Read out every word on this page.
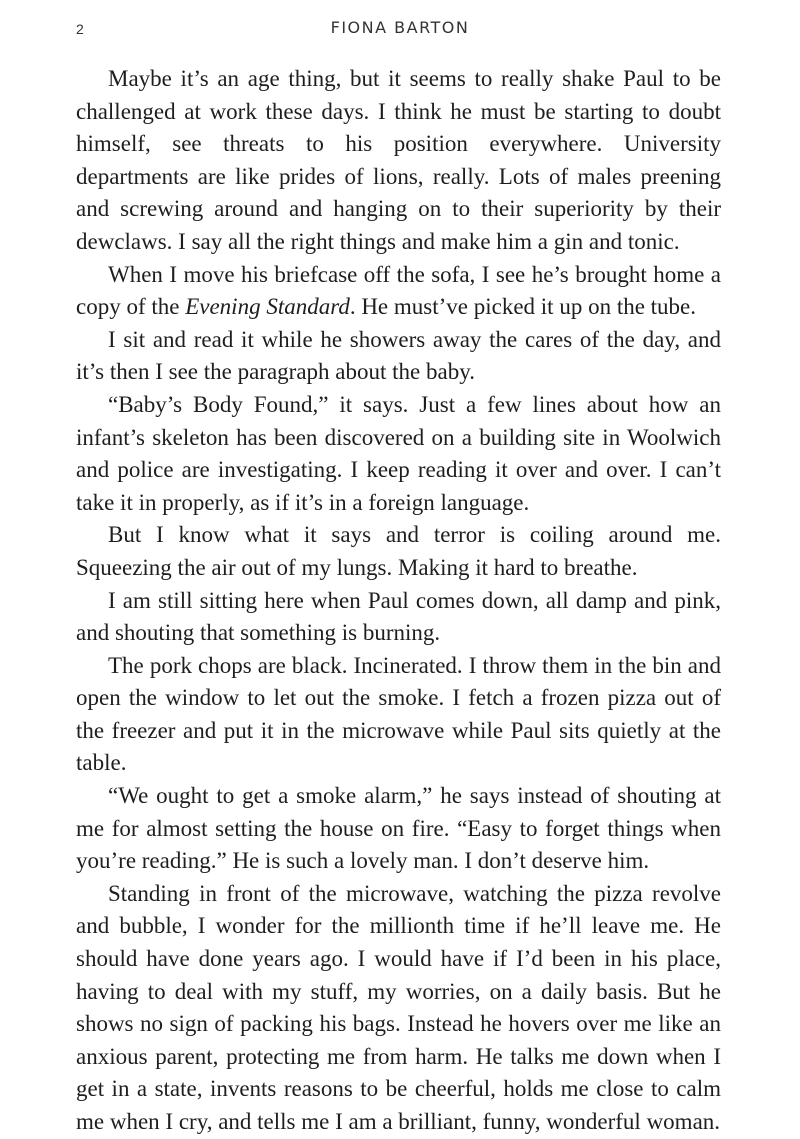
2	FIONA BARTON

Maybe it’s an age thing, but it seems to really shake Paul to be challenged at work these days. I think he must be starting to doubt himself, see threats to his position everywhere. University departments are like prides of lions, really. Lots of males preening and screwing around and hanging on to their superiority by their dewclaws. I say all the right things and make him a gin and tonic.

When I move his briefcase off the sofa, I see he’s brought home a copy of the Evening Standard. He must’ve picked it up on the tube.

I sit and read it while he showers away the cares of the day, and it’s then I see the paragraph about the baby.

“Baby’s Body Found,” it says. Just a few lines about how an infant’s skeleton has been discovered on a building site in Woolwich and police are investigating. I keep reading it over and over. I can’t take it in properly, as if it’s in a foreign language.

But I know what it says and terror is coiling around me. Squeezing the air out of my lungs. Making it hard to breathe.

I am still sitting here when Paul comes down, all damp and pink, and shouting that something is burning.

The pork chops are black. Incinerated. I throw them in the bin and open the window to let out the smoke. I fetch a frozen pizza out of the freezer and put it in the microwave while Paul sits quietly at the table.

“We ought to get a smoke alarm,” he says instead of shouting at me for almost setting the house on fire. “Easy to forget things when you’re reading.” He is such a lovely man. I don’t deserve him.

Standing in front of the microwave, watching the pizza revolve and bubble, I wonder for the millionth time if he’ll leave me. He should have done years ago. I would have if I’d been in his place, having to deal with my stuff, my worries, on a daily basis. But he shows no sign of packing his bags. Instead he hovers over me like an anxious parent, protecting me from harm. He talks me down when I get in a state, invents reasons to be cheerful, holds me close to calm me when I cry, and tells me I am a brilliant, funny, wonderful woman.
